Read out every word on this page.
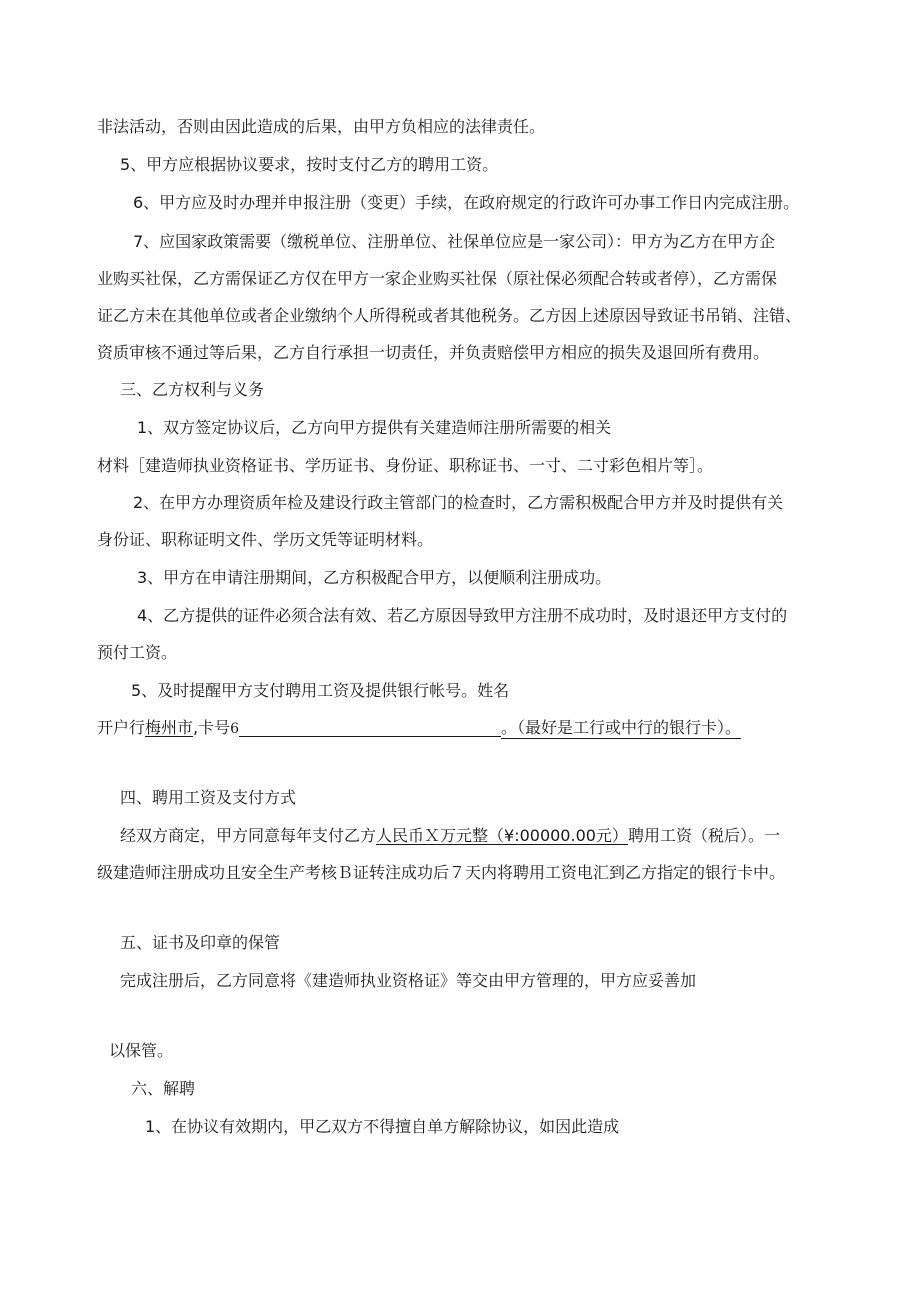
非法活动，否则由因此造成的后果，由甲方负相应的法律责任。
5、甲方应根据协议要求，按时支付乙方的聘用工资。
6、甲方应及时办理并申报注册（变更）手续，在政府规定的行政许可办事工作日内完成注册。
7、应国家政策需要（缴税单位、注册单位、社保单位应是一家公司）：甲方为乙方在甲方企
业购买社保，乙方需保证乙方仅在甲方一家企业购买社保（原社保必须配合转或者停），乙方需保
证乙方未在其他单位或者企业缴纳个人所得税或者其他税务。乙方因上述原因导致证书吊销、注错、
资质审核不通过等后果，乙方自行承担一切责任，并负责赔偿甲方相应的损失及退回所有费用。
三、乙方权利与义务
1、双方签定协议后，乙方向甲方提供有关建造师注册所需要的相关
材料［建造师执业资格证书、学历证书、身份证、职称证书、一寸、二寸彩色相片等］。
2、在甲方办理资质年检及建设行政主管部门的检查时，乙方需积极配合甲方并及时提供有关
身份证、职称证明文件、学历文凭等证明材料。
3、甲方在申请注册期间，乙方积极配合甲方，以便顺利注册成功。
4、乙方提供的证件必须合法有效、若乙方原因导致甲方注册不成功时，及时退还甲方支付的
预付工资。
5、及时提醒甲方支付聘用工资及提供银行帐号。姓名
开户行梅州市,卡号6	。（最好是工行或中行的银行卡）。
四、聘用工资及支付方式
经双方商定，甲方同意每年支付乙方人民币Ｘ万元整（¥:00000.00元）聘用工资（税后）。一
级建造师注册成功且安全生产考核Ｂ证转注成功后７天内将聘用工资电汇到乙方指定的银行卡中。
五、证书及印章的保管
完成注册后，乙方同意将《建造师执业资格证》等交由甲方管理的，甲方应妥善加
以保管。
六、解聘
1、在协议有效期内，甲乙双方不得擅自单方解除协议，如因此造成
